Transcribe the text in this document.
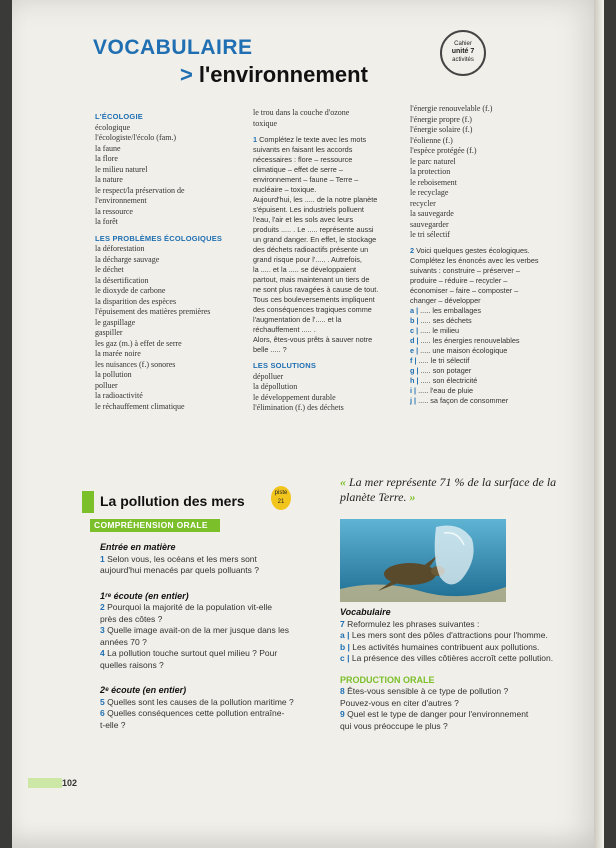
VOCABULAIRE
> l'environnement
Cahier
unité 7
activités
L'ÉCOLOGIE
écologique
l'écologiste/l'écolo (fam.)
la faune
la flore
le milieu naturel
la nature
le respect/la préservation de
l'environnement
la ressource
la forêt
LES PROBLÈMES ÉCOLOGIQUES
la déforestation
la décharge sauvage
le déchet
la désertification
le dioxyde de carbone
la disparition des espèces
l'épuisement des matières premières
le gaspillage
gaspiller
les gaz (m.) à effet de serre
la marée noire
les nuisances (f.) sonores
la pollution
polluer
la radioactivité
le réchauffement climatique
le trou dans la couche d'ozone
toxique
1 Complétez le texte avec les mots
suivants en faisant les accords
nécessaires : flore – ressource
climatique – effet de serre –
environnement – faune – Terre –
nucléaire – toxique.
Aujourd'hui, les ..... de la notre planète
s'épuisent. Les industriels polluent
l'eau, l'air et les sols avec leurs
produits ..... . Le ..... représente aussi
un grand danger. En effet, le stockage
des déchets radioactifs présente un
grand risque pour l'..... . Autrefois,
la ..... et la ..... se développaient
partout, mais maintenant un tiers de
ne sont plus ravagées à cause de tout.
Tous ces bouleversements impliquent
des conséquences tragiques comme
l'augmentation de l'..... et la
réchauffement ..... .
Alors, êtes-vous prêts à sauver notre
belle ..... ?
LES SOLUTIONS
dépolluer
la dépollution
le développement durable
l'élimination (f.) des déchets
l'énergie renouvelable (f.)
l'énergie propre (f.)
l'énergie solaire (f.)
l'éolienne (f.)
l'espèce protégée (f.)
le parc naturel
la protection
le reboisement
le recyclage
recycler
la sauvegarde
sauvegarder
le tri sélectif
2 Voici quelques gestes écologiques.
Complétez les énoncés avec les verbes
suivants : construire – préserver –
produire – réduire – recycler –
économiser – faire – composter –
changer – développer
a | ..... les emballages
b | ..... ses déchets
c | ..... le milieu
d | ..... les énergies renouvelables
e | ..... une maison écologique
f | ..... le tri sélectif
g | ..... son potager
h | ..... son électricité
i | ..... l'eau de pluie
j | ..... sa façon de consommer
La pollution des mers	piste
21
COMPRÉHENSION ORALE
Entrée en matière
1 Selon vous, les océans et les mers sont
aujourd'hui menacés par quels polluants ?
1ʳᵉ écoute (en entier)
2 Pourquoi la majorité de la population vit-elle
près des côtes ?
3 Quelle image avait-on de la mer jusque dans les
années 70 ?
4 La pollution touche surtout quel milieu ? Pour
quelles raisons ?
2ᵉ écoute (en entier)
5 Quelles sont les causes de la pollution maritime ?
6 Quelles conséquences cette pollution entraîne-
t-elle ?
« La mer représente 71 % de la surface de la planète Terre. »
Vocabulaire
7 Reformulez les phrases suivantes :
a | Les mers sont des pôles d'attractions pour l'homme.
b | Les activités humaines contribuent aux pollutions.
c | La présence des villes côtières accroît cette pollution.
PRODUCTION ORALE
8 Êtes-vous sensible à ce type de pollution ?
Pouvez-vous en citer d'autres ?
9 Quel est le type de danger pour l'environnement
qui vous préoccupe le plus ?
102
